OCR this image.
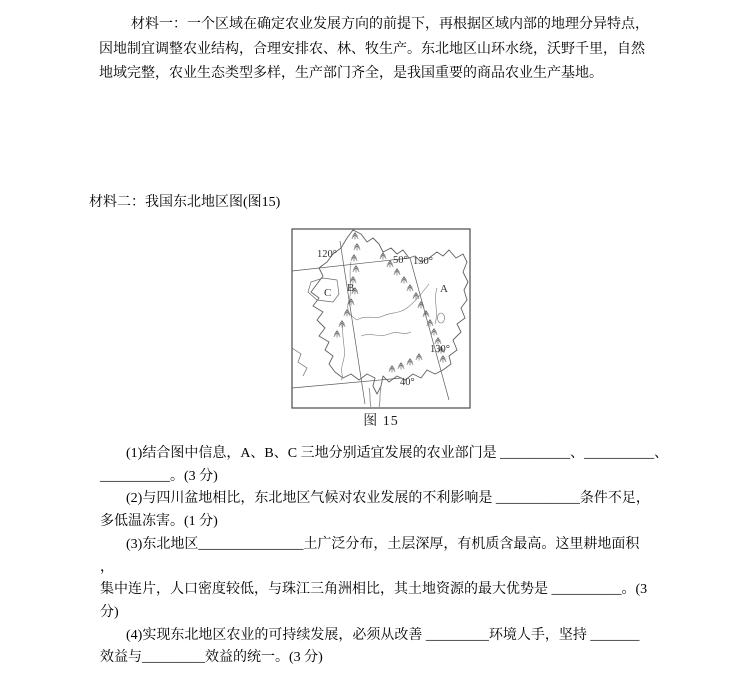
材料一：一个区域在确定农业发展方向的前提下，再根据区域内部的地理分异特点，
因地制宜调整农业结构，合理安排农、林、牧生产。东北地区山环水绕，沃野千里，自然
地域完整，农业生态类型多样，生产部门齐全，是我国重要的商品农业生产基地。
材料二：我国东北地区图(图15)
120°
50° 130°
130°
40°
A
B
C
图 15
(1)结合图中信息，A、B、C 三地分别适宜发展的农业部门是 __________、__________、
__________。(3 分)
(2)与四川盆地相比，东北地区气候对农业发展的不利影响是 ____________条件不足，
多低温冻害。(1 分)
(3)东北地区_______________土广泛分布，土层深厚，有机质含最高。这里耕地面积
，
集中连片，人口密度较低，与珠江三角洲相比，其土地资源的最大优势是 __________。(3
分)
(4)实现东北地区农业的可持续发展，必须从改善 _________环境人手，坚持 _______
效益与_________效益的统一。(3 分)
